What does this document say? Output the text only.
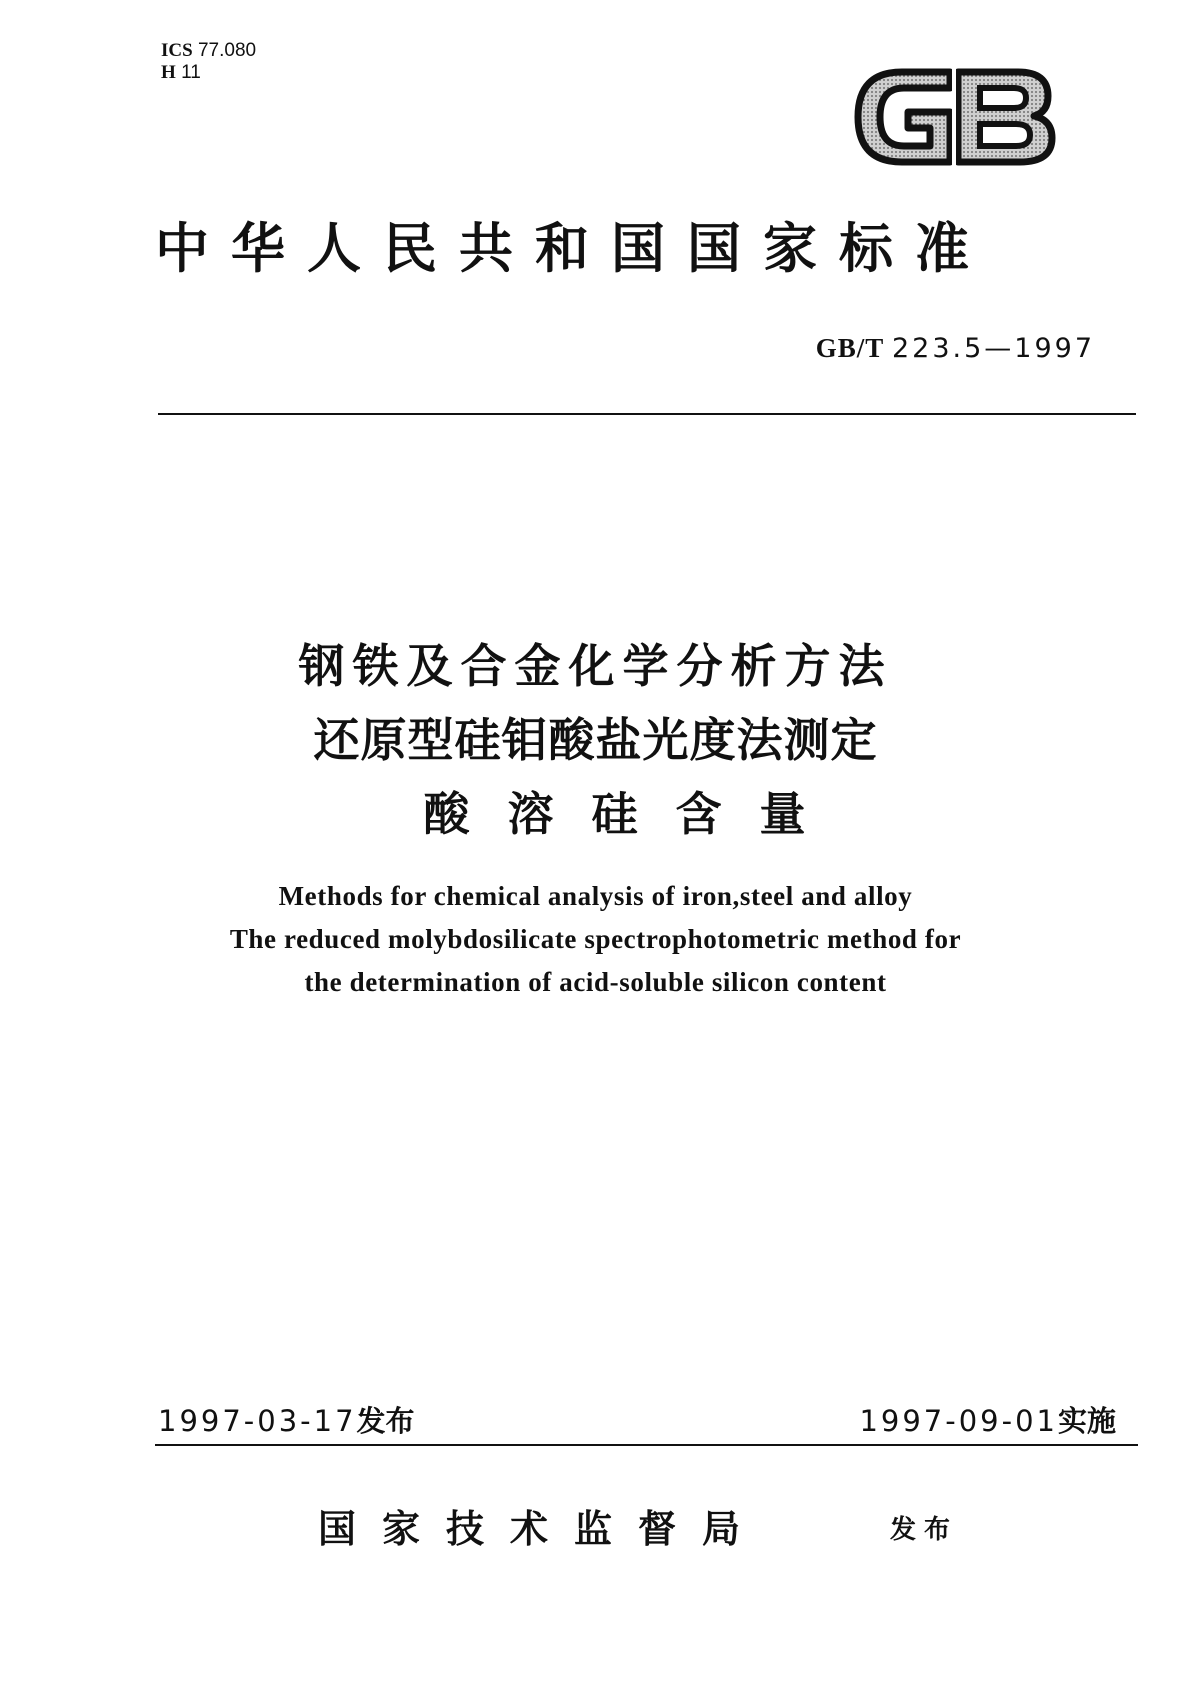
ICS 77.080
H 11
中华人民共和国国家标准
GB/T 223.5—1997
钢铁及合金化学分析方法
还原型硅钼酸盐光度法测定
酸溶硅含量
Methods for chemical analysis of iron,steel and alloy
The reduced molybdosilicate spectrophotometric method for
the determination of acid-soluble silicon content
1997-03-17发布	1997-09-01实施
国家技术监督局	发布
